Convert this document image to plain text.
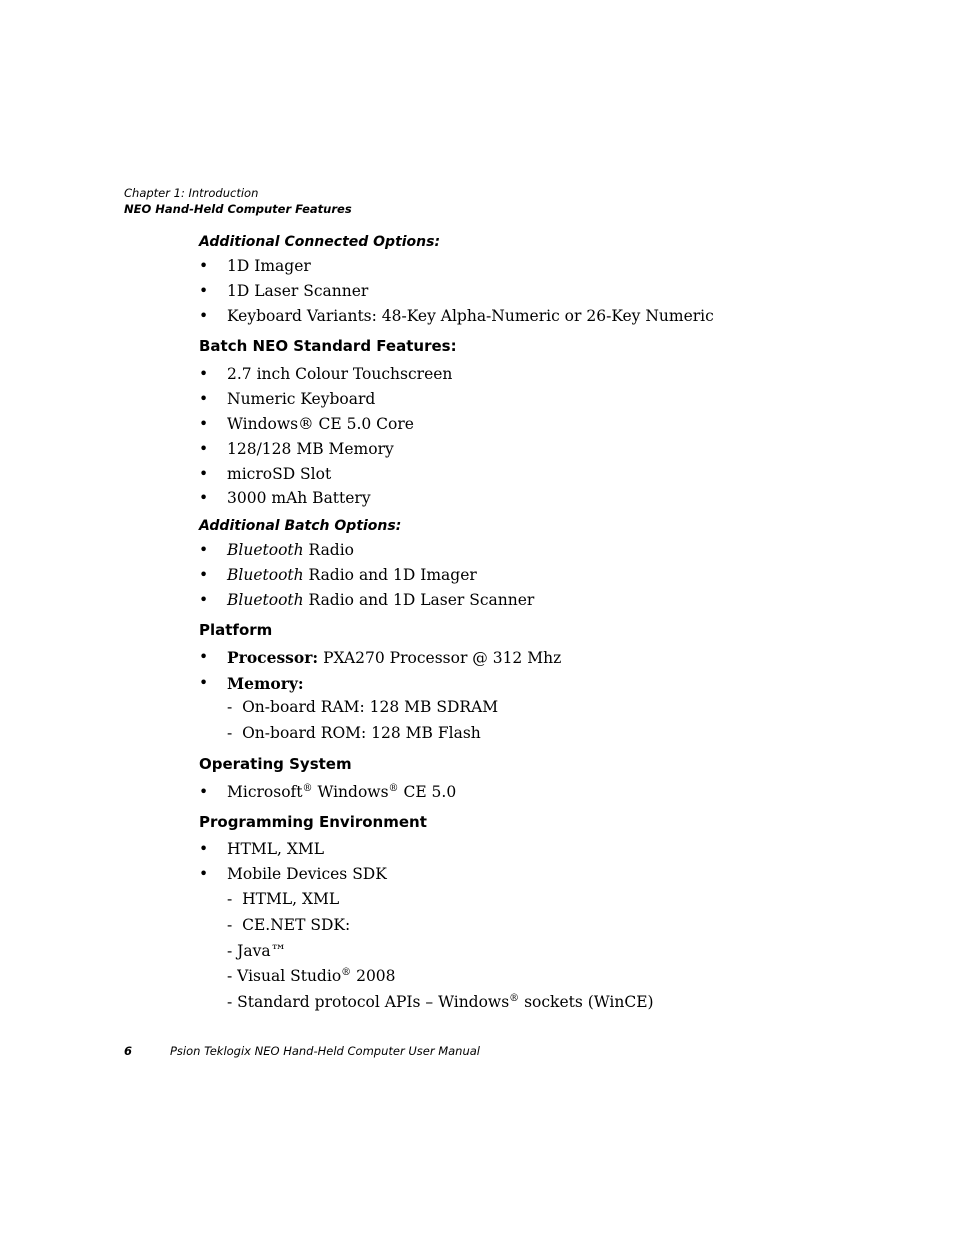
Chapter 1: Introduction
NEO Hand-Held Computer Features
Additional Connected Options:
• 1D Imager
• 1D Laser Scanner
• Keyboard Variants: 48-Key Alpha-Numeric or 26-Key Numeric
Batch NEO Standard Features:
• 2.7 inch Colour Touchscreen
• Numeric Keyboard
• Windows® CE 5.0 Core
• 128/128 MB Memory
• microSD Slot
• 3000 mAh Battery
Additional Batch Options:
• Bluetooth Radio
• Bluetooth Radio and 1D Imager
• Bluetooth Radio and 1D Laser Scanner
Platform
• Processor: PXA270 Processor @ 312 Mhz
• Memory:
-  On-board RAM: 128 MB SDRAM
-  On-board ROM: 128 MB Flash
Operating System
• Microsoft® Windows® CE 5.0
Programming Environment
• HTML, XML
• Mobile Devices SDK
-  HTML, XML
-  CE.NET SDK:
- Java™
- Visual Studio® 2008
- Standard protocol APIs – Windows® sockets (WinCE)
6	Psion Teklogix NEO Hand-Held Computer User Manual
